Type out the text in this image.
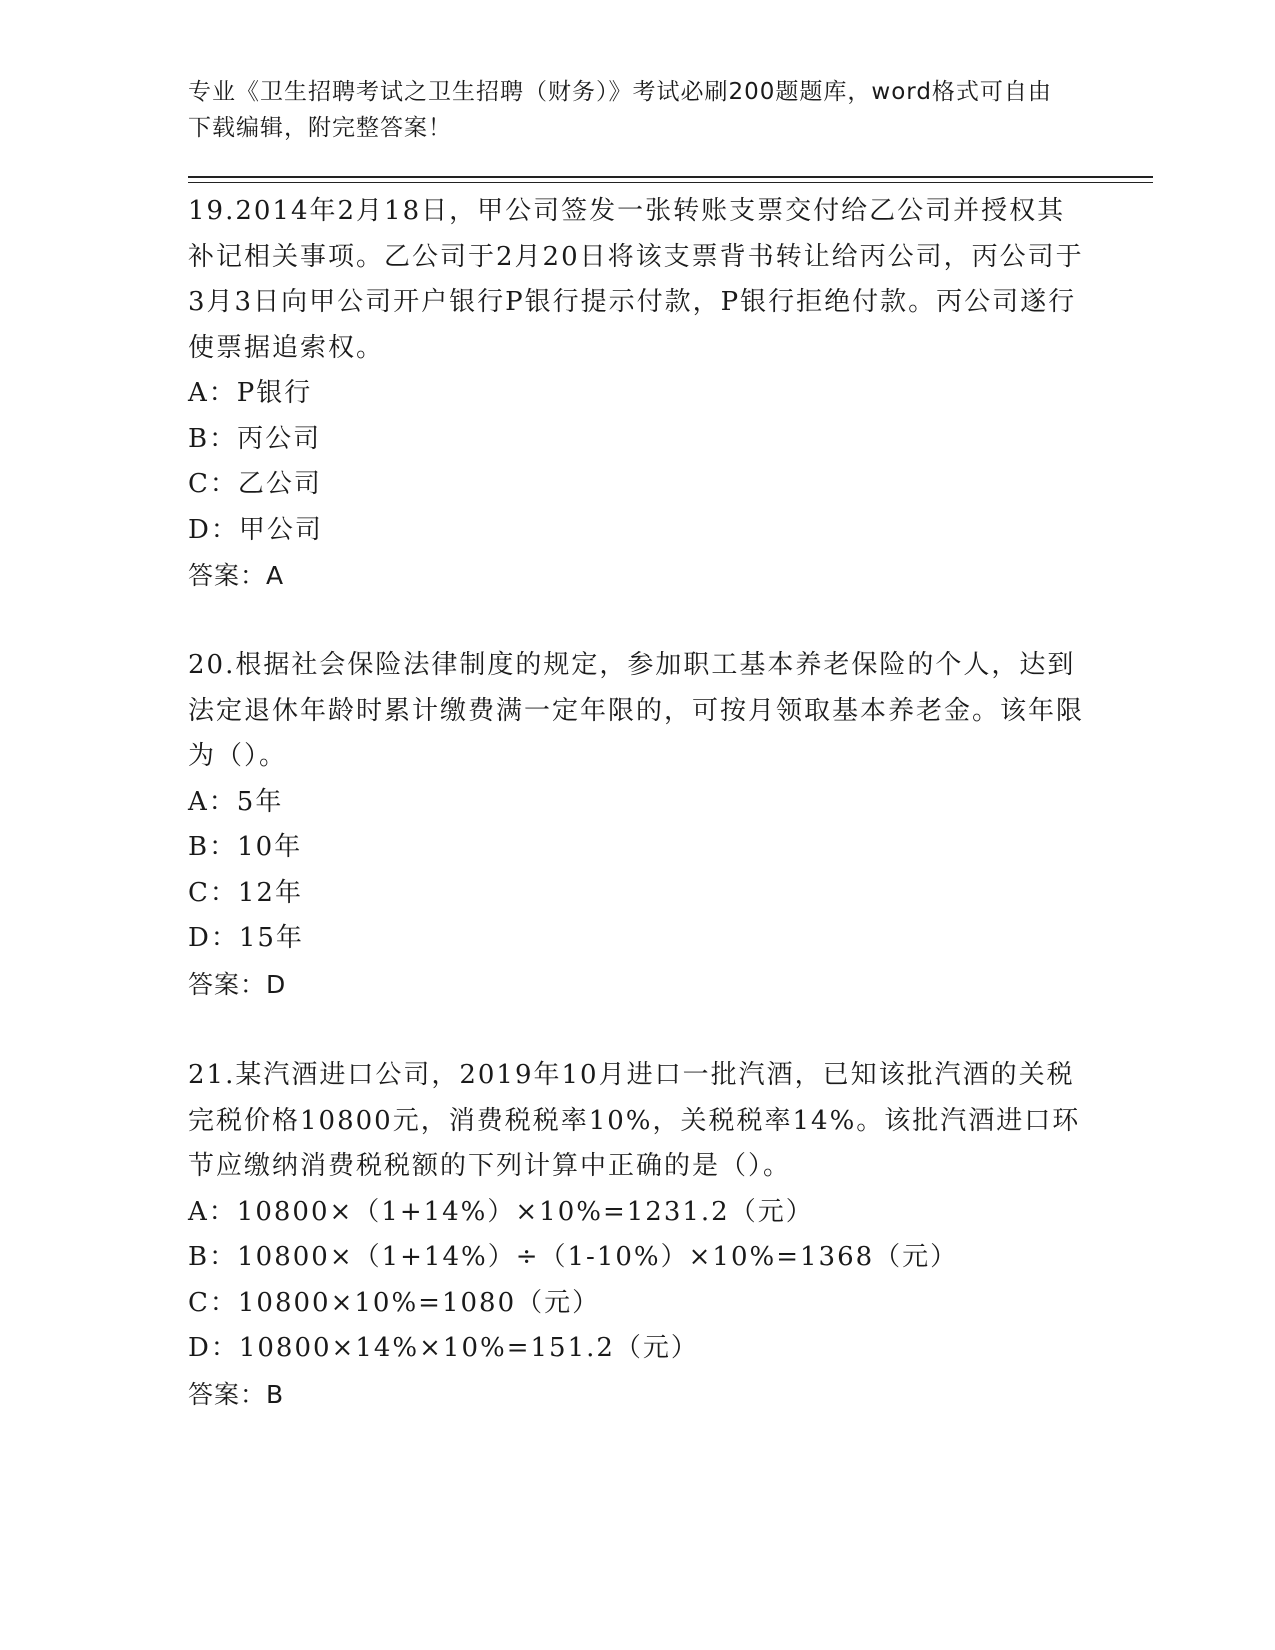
专业《卫生招聘考试之卫生招聘（财务）》考试必刷200题题库，word格式可自由下载编辑，附完整答案！

19.2014年2月18日，甲公司签发一张转账支票交付给乙公司并授权其补记相关事项。乙公司于2月20日将该支票背书转让给丙公司，丙公司于3月3日向甲公司开户银行P银行提示付款，P银行拒绝付款。丙公司遂行使票据追索权。

A：P银行

B：丙公司

C：乙公司

D：甲公司

答案：A

20.根据社会保险法律制度的规定，参加职工基本养老保险的个人，达到法定退休年龄时累计缴费满一定年限的，可按月领取基本养老金。该年限为（）。

A：5年

B：10年

C：12年

D：15年

答案：D

21.某汽酒进口公司，2019年10月进口一批汽酒，已知该批汽酒的关税完税价格10800元，消费税税率10%，关税税率14%。该批汽酒进口环节应缴纳消费税税额的下列计算中正确的是（）。

A：10800×（1+14%）×10%=1231.2（元）

B：10800×（1+14%）÷（1-10%）×10%=1368（元）

C：10800×10%=1080（元）

D：10800×14%×10%=151.2（元）

答案：B
